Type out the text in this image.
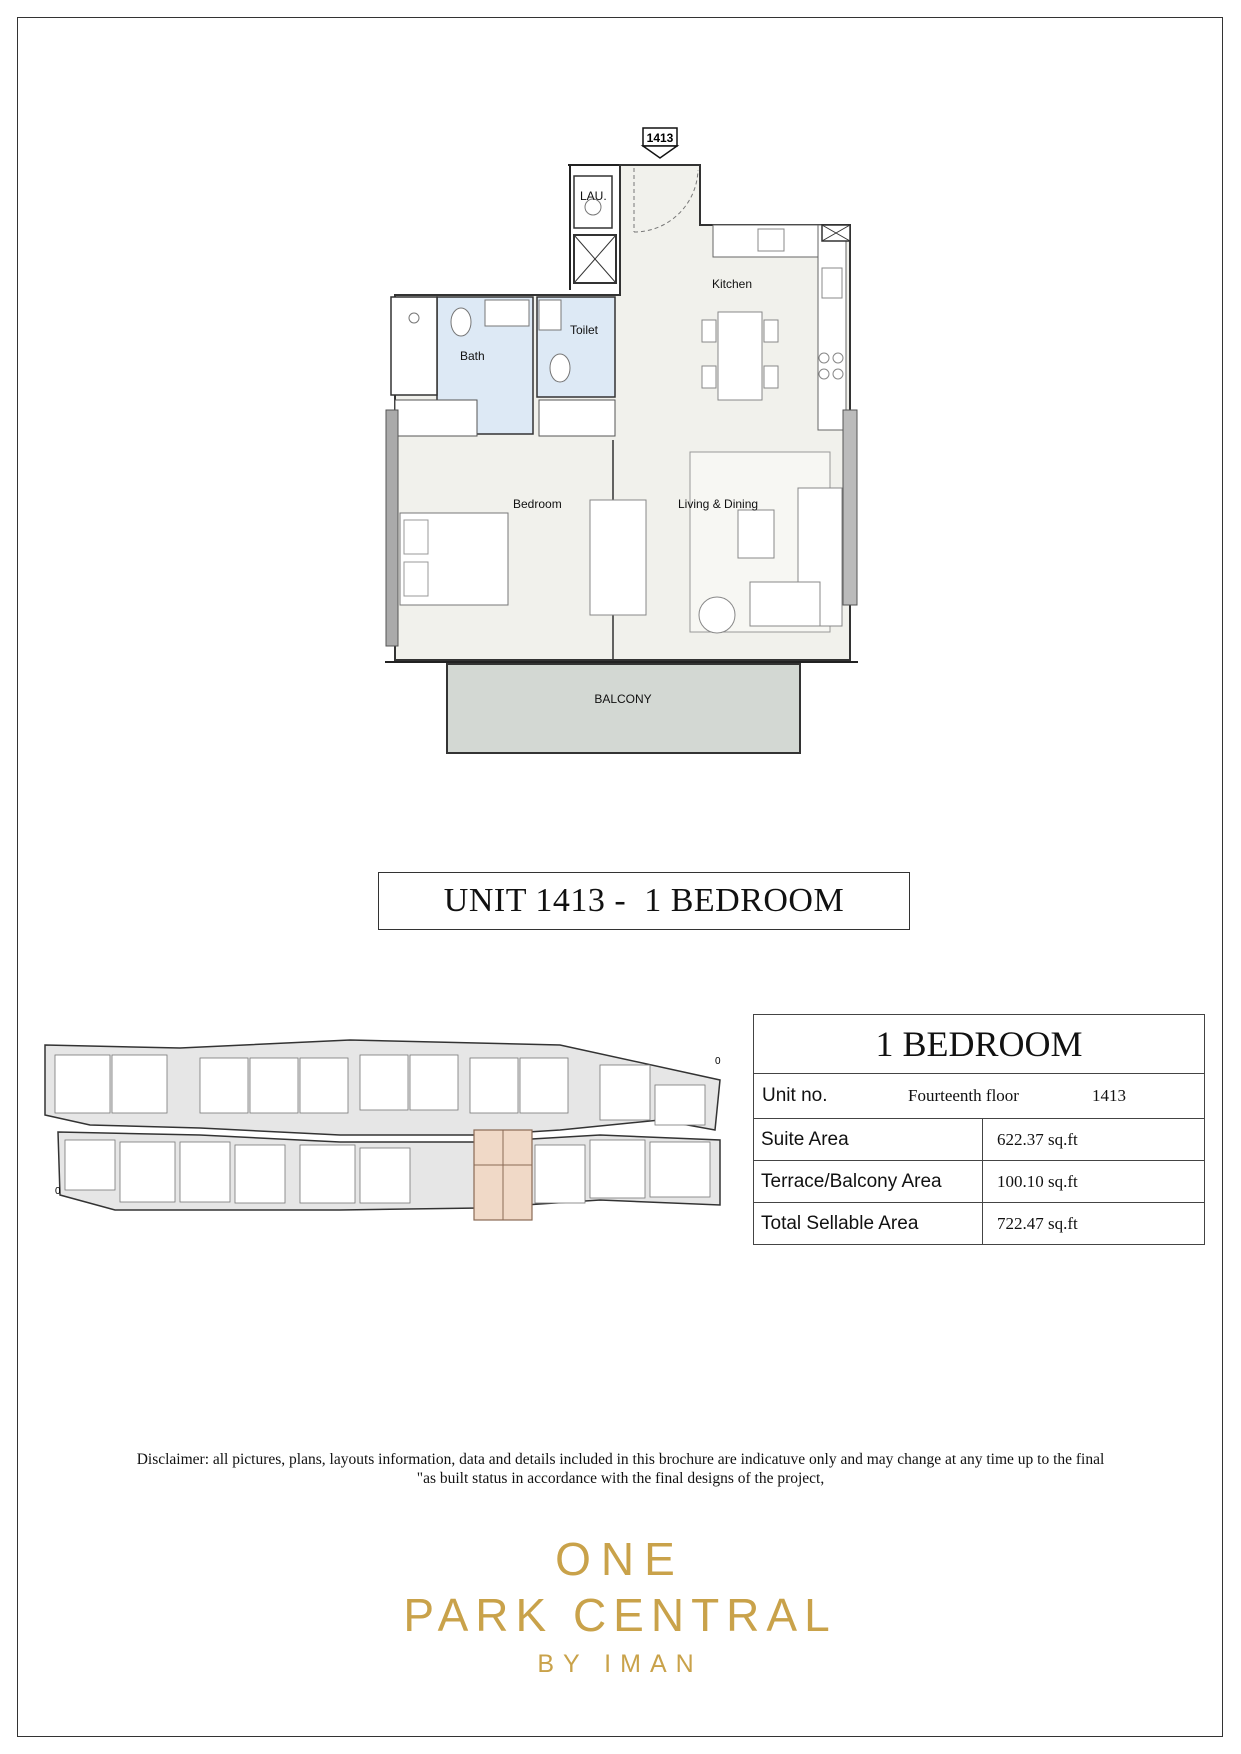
1413
LAU.
Kitchen
Bath
Toilet
Bedroom	Living & Dining
BALCONY
UNIT 1413 -  1 BEDROOM
0
0	1 BEDROOM	

Unit no. Fourteenth floor 1413	

Suite Area	622.37 sq.ft
Terrace/Balcony Area	100.10 sq.ft
Total Sellable Area	722.47 sq.ft
Disclaimer: all pictures, plans, layouts information, data and details included in this brochure are indicatuve only and may change at any time up to the final
"as built status in accordance with the final designs of the project,
ONE
PARK CENTRAL
BY IMAN
